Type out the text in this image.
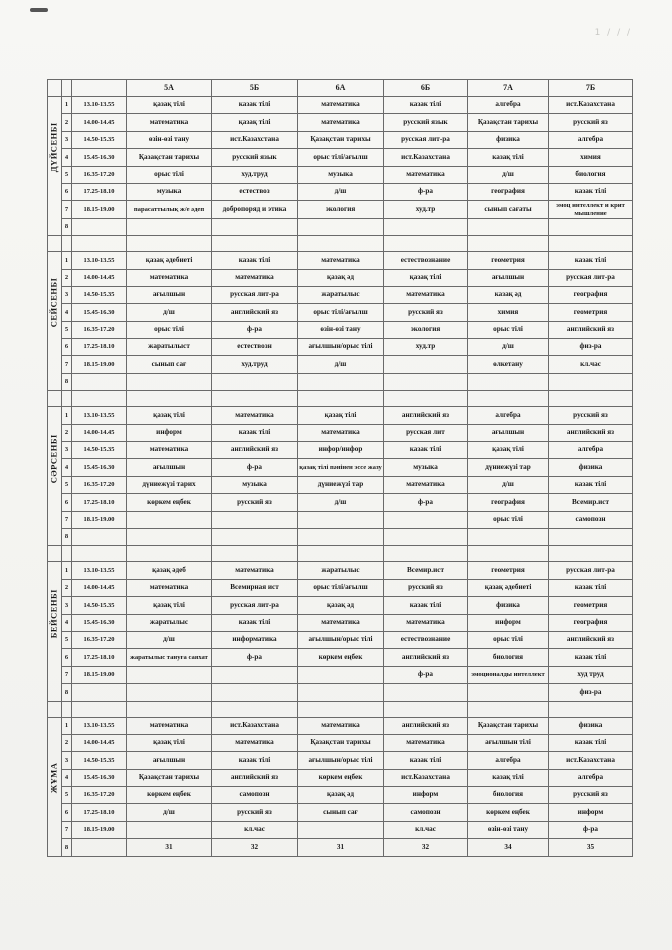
1 / / /
			5A	5Б	6A	6Б	7A	7Б

ДҮЙСЕНБІ	1	13.10-13.55	қазақ тілі	казак тілі	математика	казак тілі	алгебра	ист.Казахстана
	2	14.00-14.45	математика	қазақ тілі	математика	русский язык	Қазақстан тарихы	русский яз
	3	14.50-15.35	өзін-өзі тану	ист.Казахстана	Қазақстан тарихы	русская лит-ра	физика	алгебра
	4	15.45-16.30	Қазақстан тарихы	русский язык	орыс тілі/ағылш	ист.Казахстана	казақ тілі	химия
	5	16.35-17.20	орыс тілі	худ.труд	музыка	математика	д/ш	биология
	6	17.25-18.10	музыка	естествоз	д/ш	ф-ра	география	казак тілі
	7	18.15-19.00	парасаттылық ж/е әдеп	добропоряд и этика	экология	худ.тр	сынып сағаты	эмоц интеллект и крит мышление
	8							

СЕЙСЕНБІ	1	13.10-13.55	қазақ әдебиеті	казак тілі	математика	естествознание	геометрия	казак тілі
	2	14.00-14.45	математика	математика	қазақ әд	қазақ тілі	ағылшын	русская лит-ра
	3	14.50-15.35	ағылшын	русская лит-ра	жаратылыс	математика	казақ әд	география
	4	15.45-16.30	д/ш	английский яз	орыс тілі/ағылш	русский яз	химия	геометрия
	5	16.35-17.20	орыс тілі	ф-ра	өзін-өзі тану	экология	орыс тілі	английский яз
	6	17.25-18.10	жаратылыст	естествозн	ағылшын/орыс тілі	худ.тр	д/ш	физ-ра
	7	18.15-19.00	сынып сағ	худ.труд	д/ш		өлкетану	кл.час
	8							

СӘРСЕНБІ	1	13.10-13.55	қазақ тілі	математика	қазақ тілі	английский яз	алгебра	русский яз
	2	14.00-14.45	информ	казак тілі	математика	русская лит	ағылшын	английский яз
	3	14.50-15.35	математика	английский яз	инфор/инфор	казак тілі	қазақ тілі	алгебра
	4	15.45-16.30	ағылшын	ф-ра	қазақ тілі пәнінен эссе жазу	музыка	дүниежүзі тар	физика
	5	16.35-17.20	дүниежүзі тарих	музыка	дүниежүзі тар	математика	д/ш	казак тілі
	6	17.25-18.10	көркем еңбек	русский яз	д/ш	ф-ра	география	Всемир.ист
	7	18.15-19.00					орыс тілі	самопозн
	8							

БЕЙСЕНБІ	1	13.10-13.55	қазақ әдеб	математика	жаратылыс	Всемир.ист	геометрия	русская лит-ра
	2	14.00-14.45	математика	Всемирная ист	орыс тілі/ағылш	русский яз	қазақ әдебиеті	казак тілі
	3	14.50-15.35	қазақ тілі	русская лит-ра	қазақ әд	казак тілі	физика	геометрия
	4	15.45-16.30	жаратылыс	казак тілі	математика	математика	информ	география
	5	16.35-17.20	д/ш	информатика	ағылшын/орыс тілі	естествознание	орыс тілі	английский яз
	6	17.25-18.10	жаратылыс тануға саяхат	ф-ра	көркем еңбек	английский яз	биология	казак тілі
	7	18.15-19.00				ф-ра	эмоционалды интеллект	худ труд
	8							физ-ра

ЖҰМА	1	13.10-13.55	математика	ист.Казахстана	математика	английский яз	Қазақстан тарихы	физика
	2	14.00-14.45	қазақ тілі	математика	Қазақстан тарихы	математика	ағылшын тілі	казак тілі
	3	14.50-15.35	ағылшын	казак тілі	ағылшын/орыс тілі	казак тілі	алгебра	ист.Казахстана
	4	15.45-16.30	Қазақстан тарихы	английский яз	көркем еңбек	ист.Казахстана	казақ тілі	алгебра
	5	16.35-17.20	көркем еңбек	самопозн	қазақ әд	информ	биология	русский яз
	6	17.25-18.10	д/ш	русский яз	сынып сағ	самопозн	көркем еңбек	информ
	7	18.15-19.00		кл.час		кл.час	өзін-өзі тану	ф-ра
	8		31	32	31	32	34	35
